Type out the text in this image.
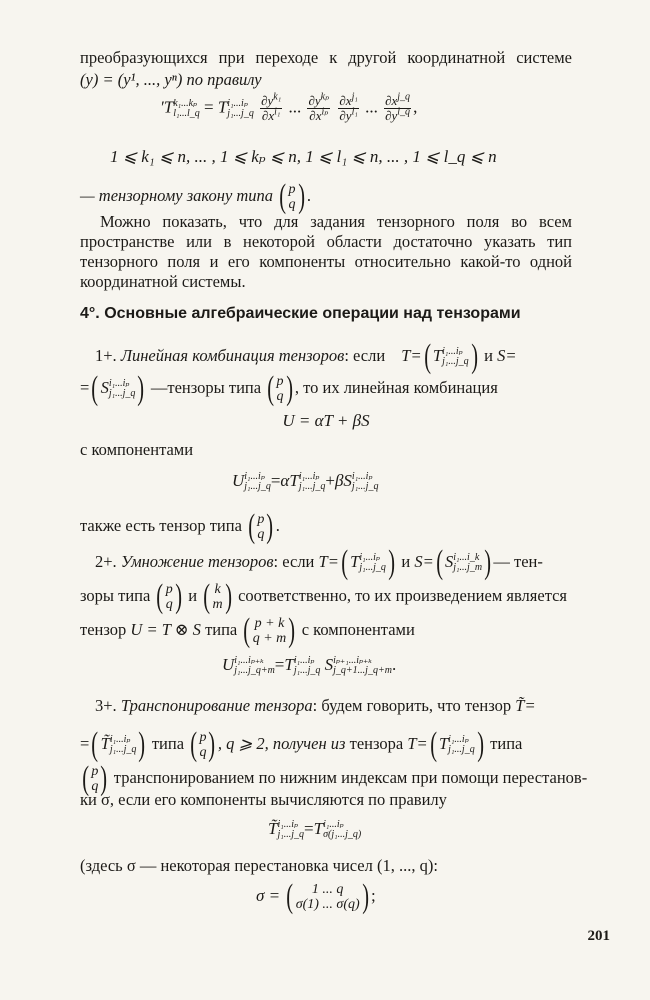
преобразующихся при переходе к другой координатной системе
(y) = (y¹, ..., yⁿ) по правилу
′T k₁...kₚ
l₁...l_q = T i₁...iₚ
j₁...j_q
$\frac{\partial y^{k_1}}{\partial x^{i_1}}$ ... $\frac{\partial y^{k_p}}{\partial x^{i_p}}$
$\frac{\partial x^{j_1}}{\partial y^{l_1}}$ ... $\frac{\partial x^{j\_q}}{\partial y^{l\_q}}$ ,
1 ⩽ k₁ ⩽ n, ... , 1 ⩽ kₚ ⩽ n, 1 ⩽ l₁ ⩽ n, ... , 1 ⩽ l_q ⩽ n
— тензорному закону типа ( p
q ) .
Можно показать, что для задания тензорного поля во всем
пространстве или в некоторой области достаточно указать тип
тензорного поля и его компоненты относительно какой-то одной
координатной системы.
4°. Основные алгебраические операции над тензорами
1+. Линейная комбинация тензоров: если T=( T i₁...iₚ
j₁...j_q ) и S=
=( S i₁...iₚ
j₁...j_q ) —тензоры типа ( p
q ) , то их линейная комбинация
U = αT + βS
с компонентами
U i₁...iₚ
j₁...j_q =αT i₁...iₚ
j₁...j_q +βS i₁...iₚ
j₁...j_q
также есть тензор типа ( p
q ) .
2+. Умножение тензоров: если T=( T i₁...iₚ
j₁...j_q ) и S=( S i₁...i_k
j₁...j_m ) — тен-
зоры типа ( p
q ) и ( k
m ) соответственно, то их произведением является
тензор U = T ⊗ S типа ( p + k
q + m ) с компонентами
U i₁...iₚ₊ₖ
j₁...j_q+m =T i₁...iₚ
j₁...j_q S iₚ₊₁...iₚ₊ₖ
j_q+1...j_q+m .
3+. Транспонирование тензора: будем говорить, что тензор T̃=
=( T̃ i₁...iₚ
j₁...j_q ) типа ( p
q ) , q ⩾ 2, получен из тензора T=( T i₁...iₚ
j₁...j_q ) типа
( p
q ) транспонированием по нижним индексам при помощи перестанов-
ки σ, если его компоненты вычисляются по правилу
T̃ i₁...iₚ
j₁...j_q =T i₁...iₚ
σ(j₁...j_q)
(здесь σ — некоторая перестановка чисел (1, ..., q):
σ = (	1 ... q
σ(1) ... σ(q) ) ;
201
